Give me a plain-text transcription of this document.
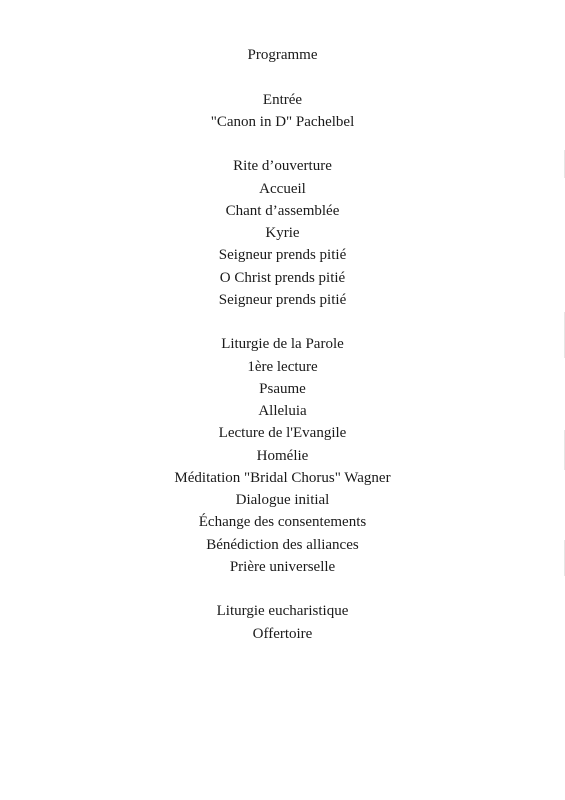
Programme
Entrée
"Canon in D" Pachelbel
Rite d’ouverture
Accueil
Chant d’assemblée
Kyrie
Seigneur prends pitié
O Christ prends pitié
Seigneur prends pitié
Liturgie de la Parole
1ère lecture
Psaume
Alleluia
Lecture de l'Evangile
Homélie
Méditation "Bridal Chorus" Wagner
Dialogue initial
Échange des consentements
Bénédiction des alliances
Prière universelle
Liturgie eucharistique
Offertoire
